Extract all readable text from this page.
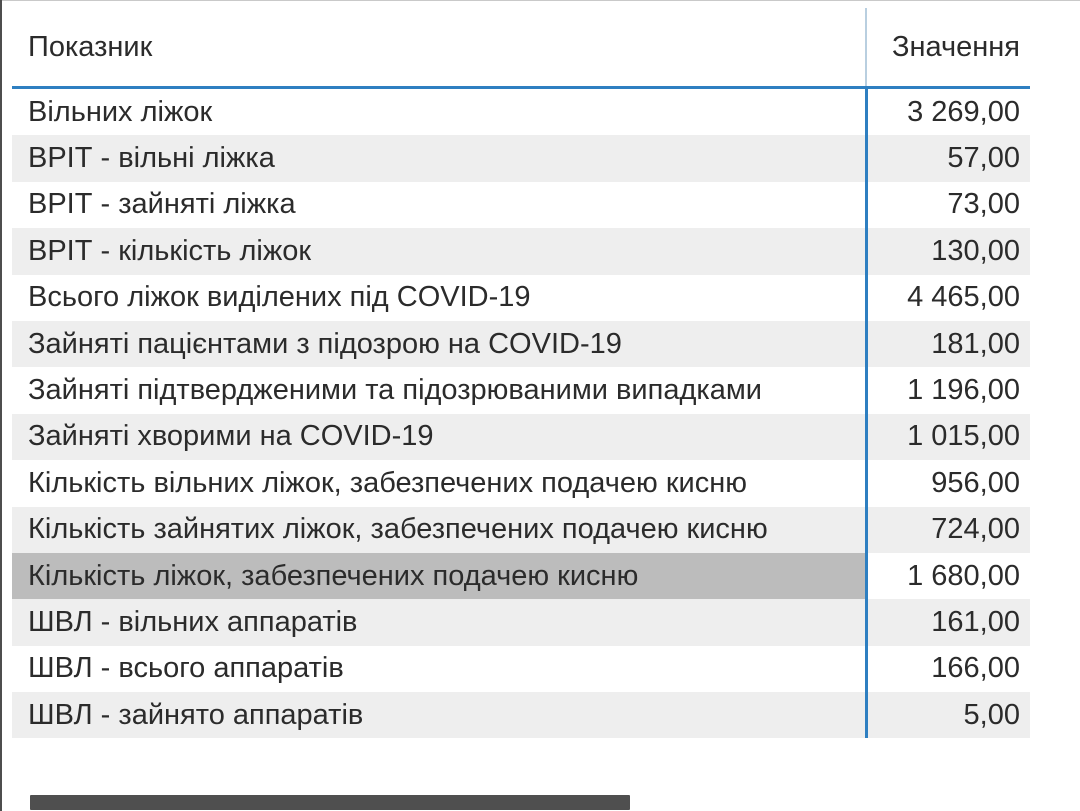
Показник	Значення
Вільних ліжок	3 269,00
ВРІТ - вільні ліжка	57,00
ВРІТ - зайняті ліжка	73,00
ВРІТ - кількість ліжок	130,00
Всього ліжок виділених під COVID-19	4 465,00
Зайняті пацієнтами з підозрою на COVID-19	181,00
Зайняті підтвердженими та підозрюваними випадками	1 196,00
Зайняті хворими на COVID-19	1 015,00
Кількість вільних ліжок, забезпечених подачею кисню	956,00
Кількість зайнятих ліжок, забезпечених подачею кисню	724,00
Кількість ліжок, забезпечених подачею кисню	1 680,00
ШВЛ - вільних аппаратів	161,00
ШВЛ - всього аппаратів	166,00
ШВЛ - зайнято аппаратів	5,00
